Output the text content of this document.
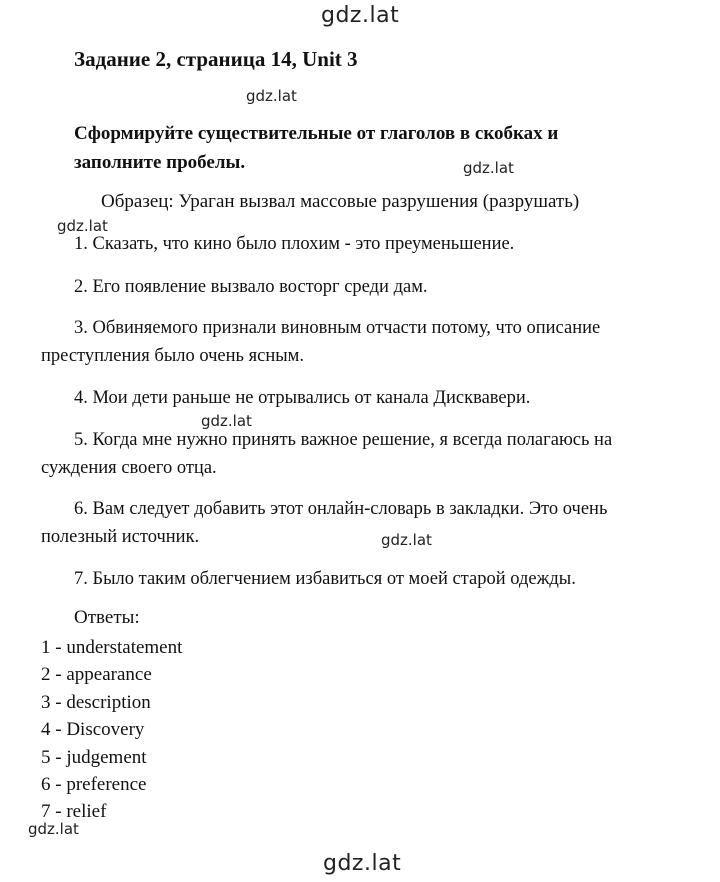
gdz.lat
gdz.lat
gdz.lat
gdz.lat
gdz.lat
gdz.lat
gdz.lat
gdz.lat
Задание 2, страница 14, Unit 3
Сформируйте существительные от глаголов в скобках и
заполните пробелы.
Образец: Ураган вызвал массовые разрушения (разрушать)
1. Сказать, что кино было плохим - это преуменьшение.
2. Его появление вызвало восторг среди дам.
3. Обвиняемого признали виновным отчасти потому, что описание
преступления было очень ясным.
4. Мои дети раньше не отрывались от канала Дисквавери.
5. Когда мне нужно принять важное решение, я всегда полагаюсь на
суждения своего отца.
6. Вам следует добавить этот онлайн-словарь в закладки. Это очень
полезный источник.
7. Было таким облегчением избавиться от моей старой одежды.
Ответы:
1 - understatement
2 - appearance
3 - description
4 - Discovery
5 - judgement
6 - preference
7 - relief
